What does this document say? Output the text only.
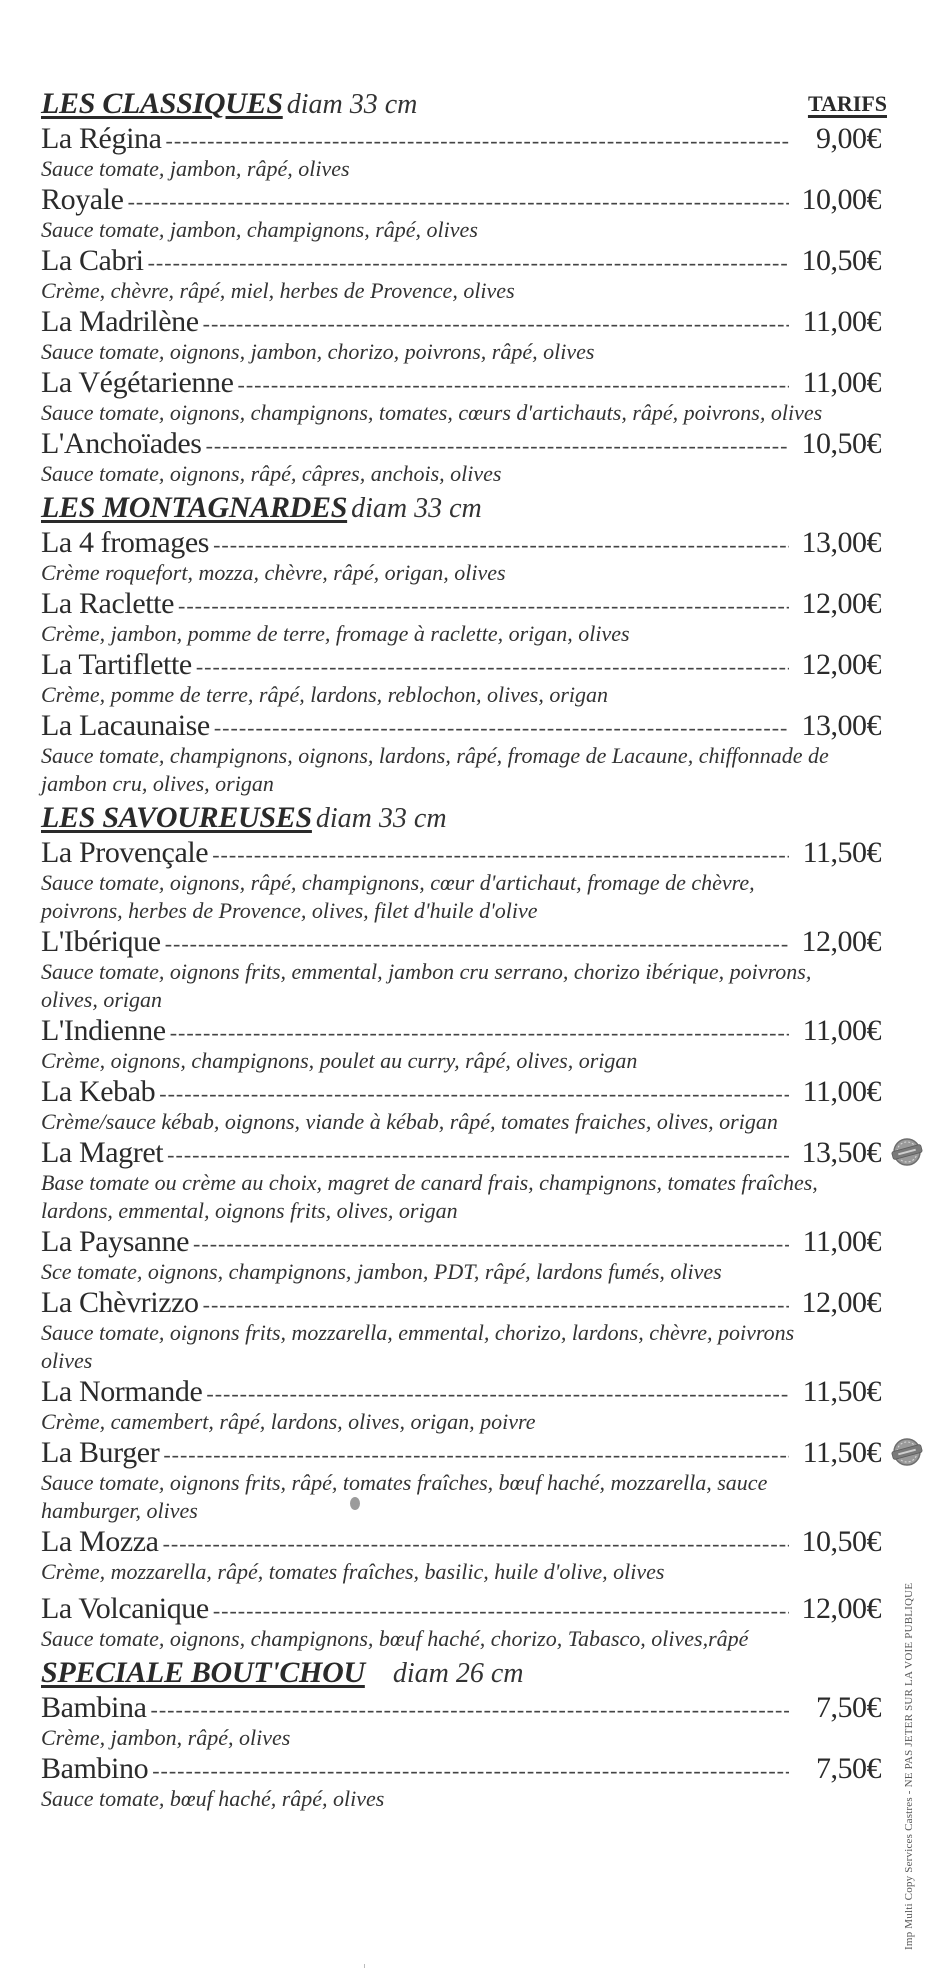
LES CLASSIQUES diam 33 cm	TARIFS
La Régina -----	9,00€
Sauce tomate, jambon, râpé, olives
Royale -----	10,00€
Sauce tomate, jambon, champignons, râpé, olives
La Cabri -----	10,50€
Crème, chèvre, râpé, miel, herbes de Provence, olives
La Madrilène -----	11,00€
Sauce tomate, oignons, jambon, chorizo, poivrons, râpé, olives
La Végétarienne -----	11,00€
Sauce tomate, oignons, champignons, tomates, cœurs d'artichauts, râpé, poivrons, olives
L'Anchoïades -----	10,50€
Sauce tomate, oignons, râpé, câpres, anchois, olives
LES MONTAGNARDES diam 33 cm
La 4 fromages -----	13,00€
Crème roquefort, mozza, chèvre, râpé, origan, olives
La Raclette -----	12,00€
Crème, jambon, pomme de terre, fromage à raclette, origan, olives
La Tartiflette -----	12,00€
Crème, pomme de terre, râpé, lardons, reblochon, olives, origan
La Lacaunaise -----	13,00€
Sauce tomate, champignons, oignons, lardons, râpé, fromage de Lacaune, chiffonnade de jambon cru, olives, origan
LES SAVOUREUSES diam 33 cm
La Provençale -----	11,50€
Sauce tomate, oignons, râpé, champignons, cœur d'artichaut, fromage de chèvre, poivrons, herbes de Provence, olives, filet d'huile d'olive
L'Ibérique -----	12,00€
Sauce tomate, oignons frits, emmental, jambon cru serrano, chorizo ibérique, poivrons, olives, origan
L'Indienne -----	11,00€
Crème, oignons, champignons, poulet au curry, râpé, olives, origan
La Kebab -----	11,00€
Crème/sauce kébab, oignons, viande à kébab, râpé, tomates fraiches, olives, origan
La Magret -----	13,50€
Base tomate ou crème au choix, magret de canard frais, champignons, tomates fraîches, lardons, emmental, oignons frits, olives, origan
La Paysanne -----	11,00€
Sce tomate, oignons, champignons, jambon, PDT, râpé, lardons fumés, olives
La Chèvrizzo -----	12,00€
Sauce tomate, oignons frits, mozzarella, emmental, chorizo, lardons, chèvre, poivrons olives
La Normande -----	11,50€
Crème, camembert, râpé, lardons, olives, origan, poivre
La Burger -----	11,50€
Sauce tomate, oignons frits, râpé, tomates fraîches, bœuf haché, mozzarella, sauce hamburger, olives
La Mozza -----	10,50€
Crème, mozzarella, râpé, tomates fraîches, basilic, huile d'olive, olives
La Volcanique -----	12,00€
Sauce tomate, oignons, champignons, bœuf haché, chorizo, Tabasco, olives,râpé
SPECIALE BOUT'CHOU diam 26 cm
Bambina -----	7,50€
Crème, jambon, râpé, olives
Bambino -----	7,50€
Sauce tomate, bœuf haché, râpé, olives	Imp Multi Copy Services Castres - NE PAS JETER SUR LA VOIE PUBLIQUE
